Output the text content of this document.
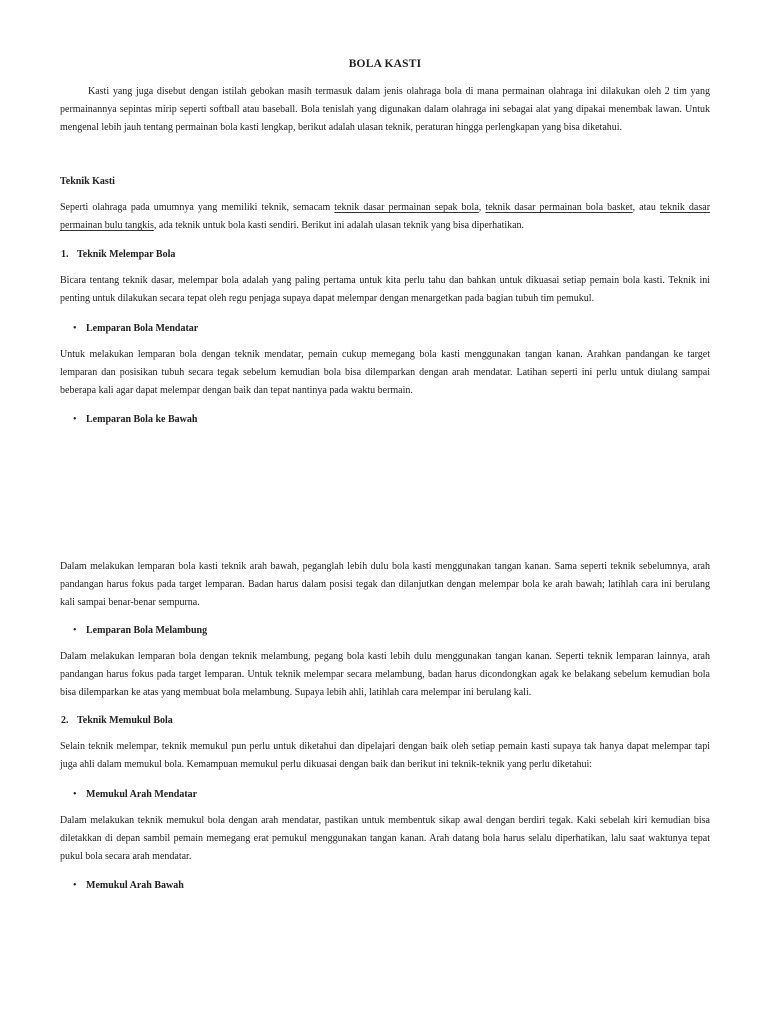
BOLA KASTI

Kasti yang juga disebut dengan istilah gebokan masih termasuk dalam jenis olahraga bola di mana permainan olahraga ini dilakukan oleh 2 tim yang permainannya sepintas mirip seperti softball atau baseball. Bola tenislah yang digunakan dalam olahraga ini sebagai alat yang dipakai menembak lawan. Untuk mengenal lebih jauh tentang permainan bola kasti lengkap, berikut adalah ulasan teknik, peraturan hingga perlengkapan yang bisa diketahui.

Teknik Kasti

Seperti olahraga pada umumnya yang memiliki teknik, semacam teknik dasar permainan sepak bola, teknik dasar permainan bola basket, atau teknik dasar permainan bulu tangkis, ada teknik untuk bola kasti sendiri. Berikut ini adalah ulasan teknik yang bisa diperhatikan.

1. Teknik Melempar Bola

Bicara tentang teknik dasar, melempar bola adalah yang paling pertama untuk kita perlu tahu dan bahkan untuk dikuasai setiap pemain bola kasti. Teknik ini penting untuk dilakukan secara tepat oleh regu penjaga supaya dapat melempar dengan menargetkan pada bagian tubuh tim pemukul.

• Lemparan Bola Mendatar

Untuk melakukan lemparan bola dengan teknik mendatar, pemain cukup memegang bola kasti menggunakan tangan kanan. Arahkan pandangan ke target lemparan dan posisikan tubuh secara tegak sebelum kemudian bola bisa dilemparkan dengan arah mendatar. Latihan seperti ini perlu untuk diulang sampai beberapa kali agar dapat melempar dengan baik dan tepat nantinya pada waktu bermain.

• Lemparan Bola ke Bawah

Dalam melakukan lemparan bola kasti teknik arah bawah, peganglah lebih dulu bola kasti menggunakan tangan kanan. Sama seperti teknik sebelumnya, arah pandangan harus fokus pada target lemparan. Badan harus dalam posisi tegak dan dilanjutkan dengan melempar bola ke arah bawah; latihlah cara ini berulang kali sampai benar-benar sempurna.

• Lemparan Bola Melambung

Dalam melakukan lemparan bola dengan teknik melambung, pegang bola kasti lebih dulu menggunakan tangan kanan. Seperti teknik lemparan lainnya, arah pandangan harus fokus pada target lemparan. Untuk teknik melempar secara melambung, badan harus dicondongkan agak ke belakang sebelum kemudian bola bisa dilemparkan ke atas yang membuat bola melambung. Supaya lebih ahli, latihlah cara melempar ini berulang kali.

2. Teknik Memukul Bola

Selain teknik melempar, teknik memukul pun perlu untuk diketahui dan dipelajari dengan baik oleh setiap pemain kasti supaya tak hanya dapat melempar tapi juga ahli dalam memukul bola. Kemampuan memukul perlu dikuasai dengan baik dan berikut ini teknik-teknik yang perlu diketahui:

• Memukul Arah Mendatar

Dalam melakukan teknik memukul bola dengan arah mendatar, pastikan untuk membentuk sikap awal dengan berdiri tegak. Kaki sebelah kiri kemudian bisa diletakkan di depan sambil pemain memegang erat pemukul menggunakan tangan kanan. Arah datang bola harus selalu diperhatikan, lalu saat waktunya tepat pukul bola secara arah mendatar.

• Memukul Arah Bawah
